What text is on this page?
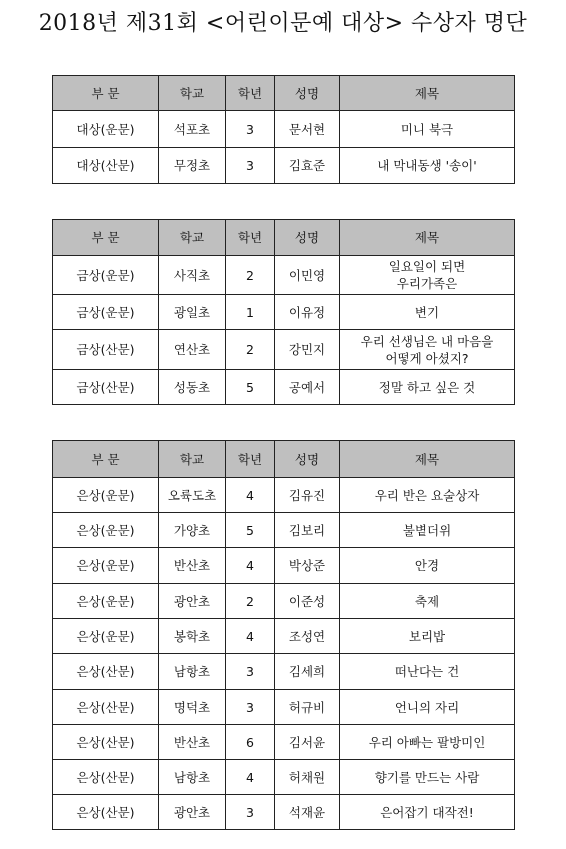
2018년 제31회 <어린이문예 대상> 수상자 명단
부 문	학교	학년	성명	제목
대상(운문)	석포초	3	문서현	미니 북극
대상(산문)	무정초	3	김효준	내 막내동생 '송이'
부 문	학교	학년	성명	제목
금상(운문)	사직초	2	이민영	일요일이 되면
우리가족은
금상(운문)	광일초	1	이유정	변기
금상(산문)	연산초	2	강민지	우리 선생님은 내 마음을
어떻게 아셨지?
금상(산문)	성동초	5	공예서	정말 하고 싶은 것
부 문	학교	학년	성명	제목
은상(운문)	오륙도초	4	김유진	우리 반은 요술상자
은상(운문)	가양초	5	김보리	불볕더위
은상(운문)	반산초	4	박상준	안경
은상(운문)	광안초	2	이준성	축제
은상(운문)	봉학초	4	조성연	보리밥
은상(산문)	남항초	3	김세희	떠난다는 건
은상(산문)	명덕초	3	허규비	언니의 자리
은상(산문)	반산초	6	김서윤	우리 아빠는 팔방미인
은상(산문)	남항초	4	허채원	향기를 만드는 사람
은상(산문)	광안초	3	석재윤	은어잡기 대작전!
